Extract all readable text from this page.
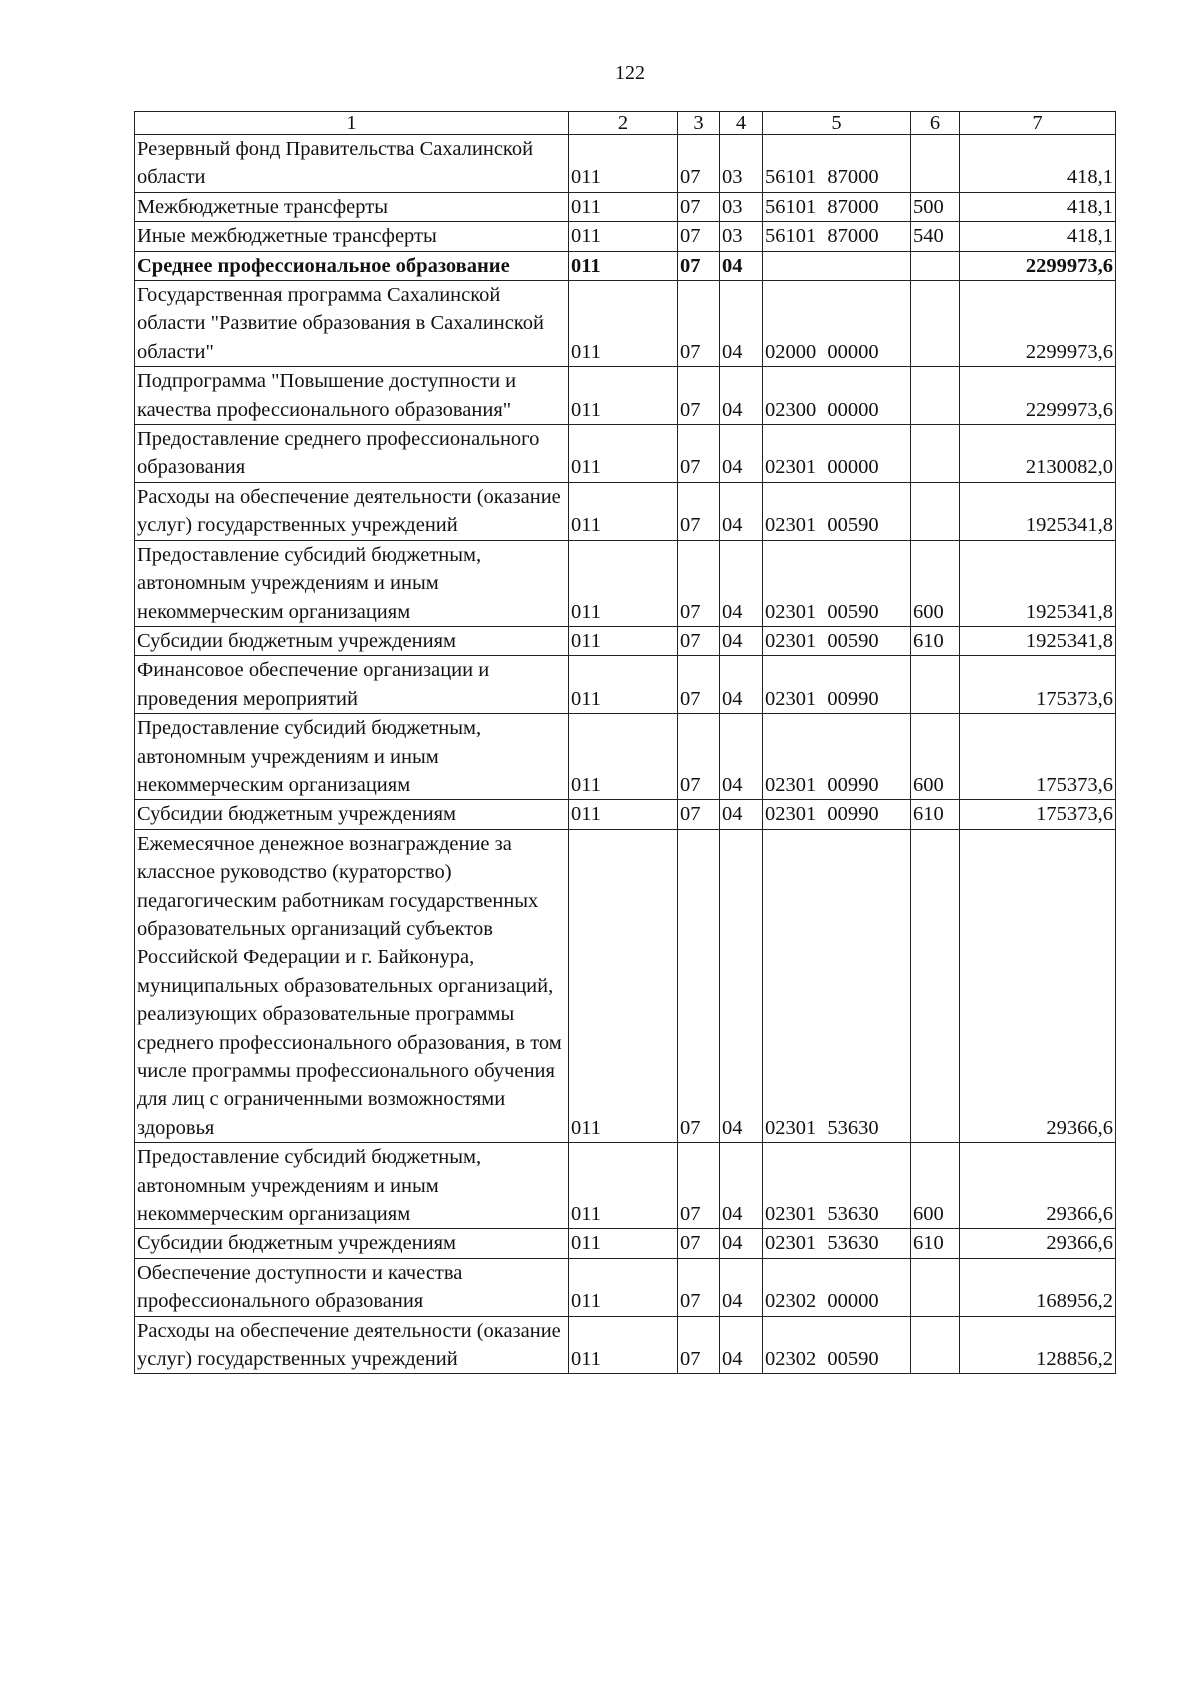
122
1	2	3	4	5	6	7
Резервный фонд Правительства Сахалинской области	011	07	03	56101 87000		418,1
Межбюджетные трансферты	011	07	03	56101 87000	500	418,1
Иные межбюджетные трансферты	011	07	03	56101 87000	540	418,1
Среднее профессиональное образование	011	07	04			2299973,6
Государственная программа Сахалинской области "Развитие образования в Сахалинской области"	011	07	04	02000 00000		2299973,6
Подпрограмма "Повышение доступности и качества профессионального образования"	011	07	04	02300 00000		2299973,6
Предоставление среднего профессионального образования	011	07	04	02301 00000		2130082,0
Расходы на обеспечение деятельности (оказание услуг) государственных учреждений	011	07	04	02301 00590		1925341,8
Предоставление субсидий бюджетным, автономным учреждениям и иным некоммерческим организациям	011	07	04	02301 00590	600	1925341,8
Субсидии бюджетным учреждениям	011	07	04	02301 00590	610	1925341,8
Финансовое обеспечение организации и проведения мероприятий	011	07	04	02301 00990		175373,6
Предоставление субсидий бюджетным, автономным учреждениям и иным некоммерческим организациям	011	07	04	02301 00990	600	175373,6
Субсидии бюджетным учреждениям	011	07	04	02301 00990	610	175373,6
Ежемесячное денежное вознаграждение за классное руководство (кураторство) педагогическим работникам государственных образовательных организаций субъектов Российской Федерации и г. Байконура, муниципальных образовательных организаций, реализующих образовательные программы среднего профессионального образования, в том числе программы профессионального обучения для лиц с ограниченными возможностями здоровья	011	07	04	02301 53630		29366,6
Предоставление субсидий бюджетным, автономным учреждениям и иным некоммерческим организациям	011	07	04	02301 53630	600	29366,6
Субсидии бюджетным учреждениям	011	07	04	02301 53630	610	29366,6
Обеспечение доступности и качества профессионального образования	011	07	04	02302 00000		168956,2
Расходы на обеспечение деятельности (оказание услуг) государственных учреждений	011	07	04	02302 00590		128856,2
